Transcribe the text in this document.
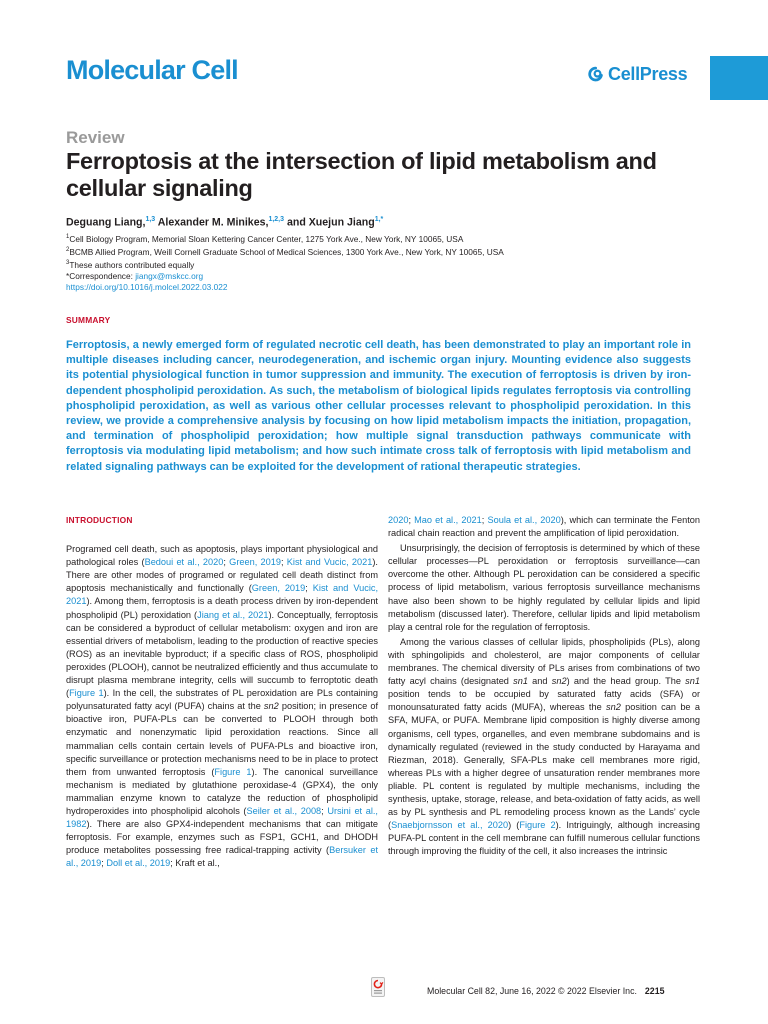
Molecular Cell	CellPress
Review
Ferroptosis at the intersection of lipid metabolism and cellular signaling
Deguang Liang,$^{1,3}$ Alexander M. Minikes,$^{1,2,3}$ and Xuejun Jiang$^{1,*}$
$^1$Cell Biology Program, Memorial Sloan Kettering Cancer Center, 1275 York Ave., New York, NY 10065, USA
$^2$BCMB Allied Program, Weill Cornell Graduate School of Medical Sciences, 1300 York Ave., New York, NY 10065, USA
$^3$These authors contributed equally
*Correspondence: jiangx@mskcc.org
https://doi.org/10.1016/j.molcel.2022.03.022
SUMMARY

Ferroptosis, a newly emerged form of regulated necrotic cell death, has been demonstrated to play an important role in multiple diseases including cancer, neurodegeneration, and ischemic organ injury. Mounting evidence also suggests its potential physiological function in tumor suppression and immunity. The execution of ferroptosis is driven by iron-dependent phospholipid peroxidation. As such, the metabolism of biological lipids regulates ferroptosis via controlling phospholipid peroxidation, as well as various other cellular processes relevant to phospholipid peroxidation. In this review, we provide a comprehensive analysis by focusing on how lipid metabolism impacts the initiation, propagation, and termination of phospholipid peroxidation; how multiple signal transduction pathways communicate with ferroptosis via modulating lipid metabolism; and how such intimate cross talk of ferroptosis with lipid metabolism and related signaling pathways can be exploited for the development of rational therapeutic strategies.

INTRODUCTION

Programed cell death, such as apoptosis, plays important physiological and pathological roles (Bedoui et al., 2020; Green, 2019; Kist and Vucic, 2021). There are other modes of programed or regulated cell death distinct from apoptosis mechanistically and functionally (Green, 2019; Kist and Vucic, 2021). Among them, ferroptosis is a death process driven by iron-dependent phospholipid (PL) peroxidation (Jiang et al., 2021). Conceptually, ferroptosis can be considered a byproduct of cellular metabolism: oxygen and iron are essential drivers of metabolism, leading to the production of reactive species (ROS) as an inevitable byproduct; if a specific class of ROS, phospholipid peroxides (PLOOH), cannot be neutralized efficiently and thus accumulate to disrupt plasma membrane integrity, cells will succumb to ferroptotic death (Figure 1). In the cell, the substrates of PL peroxidation are PLs containing polyunsaturated fatty acyl (PUFA) chains at the sn2 position; in presence of bioactive iron, PUFA-PLs can be converted to PLOOH through both enzymatic and nonenzymatic lipid peroxidation reactions. Since all mammalian cells contain certain levels of PUFA-PLs and bioactive iron, specific surveillance or protection mechanisms need to be in place to protect them from unwanted ferroptosis (Figure 1). The canonical surveillance mechanism is mediated by glutathione peroxidase-4 (GPX4), the only mammalian enzyme known to catalyze the reduction of phospholipid hydroperoxides into phospholipid alcohols (Seiler et al., 2008; Ursini et al., 1982). There are also GPX4-independent mechanisms that can mitigate ferroptosis. For example, enzymes such as FSP1, GCH1, and DHODH produce metabolites possessing free radical-trapping activity (Bersuker et al., 2019; Doll et al., 2019; Kraft et al.,

2020; Mao et al., 2021; Soula et al., 2020), which can terminate the Fenton radical chain reaction and prevent the amplification of lipid peroxidation.

Unsurprisingly, the decision of ferroptosis is determined by which of these cellular processes—PL peroxidation or ferroptosis surveillance—can overcome the other. Although PL peroxidation can be considered a specific process of lipid metabolism, various ferroptosis surveillance mechanisms have also been shown to be highly regulated by cellular lipids and lipid metabolism (discussed later). Therefore, cellular lipids and lipid metabolism play a central role for the regulation of ferroptosis.

Among the various classes of cellular lipids, phospholipids (PLs), along with sphingolipids and cholesterol, are major components of cellular membranes. The chemical diversity of PLs arises from combinations of two fatty acyl chains (designated sn1 and sn2) and the head group. The sn1 position tends to be occupied by saturated fatty acids (SFA) or monounsaturated fatty acids (MUFA), whereas the sn2 position can be a SFA, MUFA, or PUFA. Membrane lipid composition is highly diverse among organisms, cell types, organelles, and even membrane subdomains and is dynamically regulated (reviewed in the study conducted by Harayama and Riezman, 2018). Generally, SFA-PLs make cell membranes more rigid, whereas PLs with a higher degree of unsaturation render membranes more pliable. PL content is regulated by multiple mechanisms, including the synthesis, uptake, storage, release, and beta-oxidation of fatty acids, as well as by PL synthesis and PL remodeling process known as the Lands’ cycle (Snaebjornsson et al., 2020) (Figure 2). Intriguingly, although increasing PUFA-PL content in the cell membrane can fulfill numerous cellular functions through improving the fluidity of the cell, it also increases the intrinsic

Molecular Cell 82, June 16, 2022 © 2022 Elsevier Inc. 2215
